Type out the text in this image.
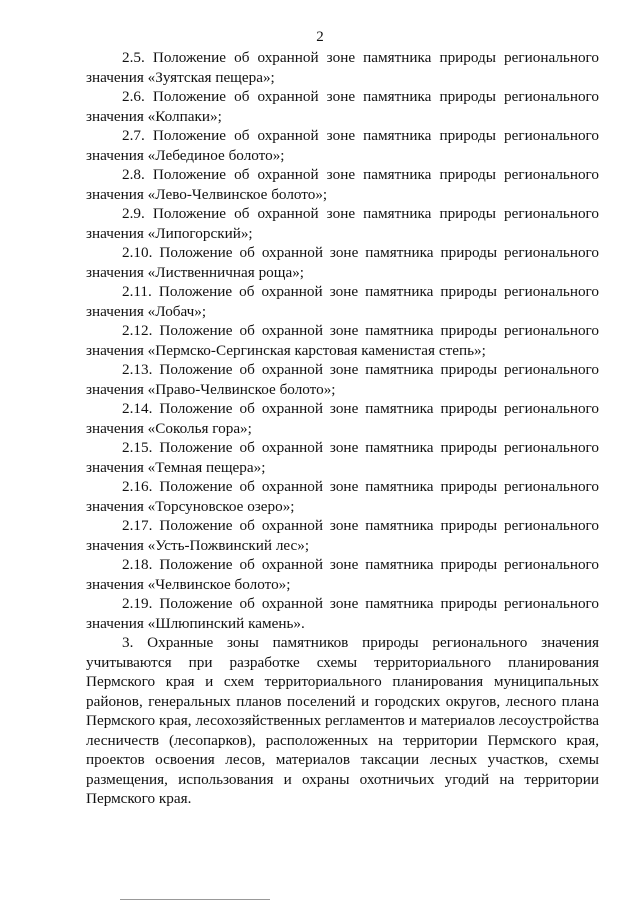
2

2.5. Положение об охранной зоне памятника природы регионального значения «Зуятская пещера»;

2.6. Положение об охранной зоне памятника природы регионального значения «Колпаки»;

2.7. Положение об охранной зоне памятника природы регионального значения «Лебединое болото»;

2.8. Положение об охранной зоне памятника природы регионального значения «Лево-Челвинское болото»;

2.9. Положение об охранной зоне памятника природы регионального значения «Липогорский»;

2.10. Положение об охранной зоне памятника природы регионального значения «Лиственничная роща»;

2.11. Положение об охранной зоне памятника природы регионального значения «Лобач»;

2.12. Положение об охранной зоне памятника природы регионального значения «Пермско-Сергинская карстовая каменистая степь»;

2.13. Положение об охранной зоне памятника природы регионального значения «Право-Челвинское болото»;

2.14. Положение об охранной зоне памятника природы регионального значения «Соколья гора»;

2.15. Положение об охранной зоне памятника природы регионального значения «Темная пещера»;

2.16. Положение об охранной зоне памятника природы регионального значения «Торсуновское озеро»;

2.17. Положение об охранной зоне памятника природы регионального значения «Усть-Пожвинский лес»;

2.18. Положение об охранной зоне памятника природы регионального значения «Челвинское болото»;

2.19. Положение об охранной зоне памятника природы регионального значения «Шлюпинский камень».

3. Охранные зоны памятников природы регионального значения учитываются при разработке схемы территориального планирования Пермского края и схем территориального планирования муниципальных районов, генеральных планов поселений и городских округов, лесного плана Пермского края, лесохозяйственных регламентов и материалов лесоустройства лесничеств (лесопарков), расположенных на территории Пермского края, проектов освоения лесов, материалов таксации лесных участков, схемы размещения, использования и охраны охотничьих угодий на территории Пермского края.
